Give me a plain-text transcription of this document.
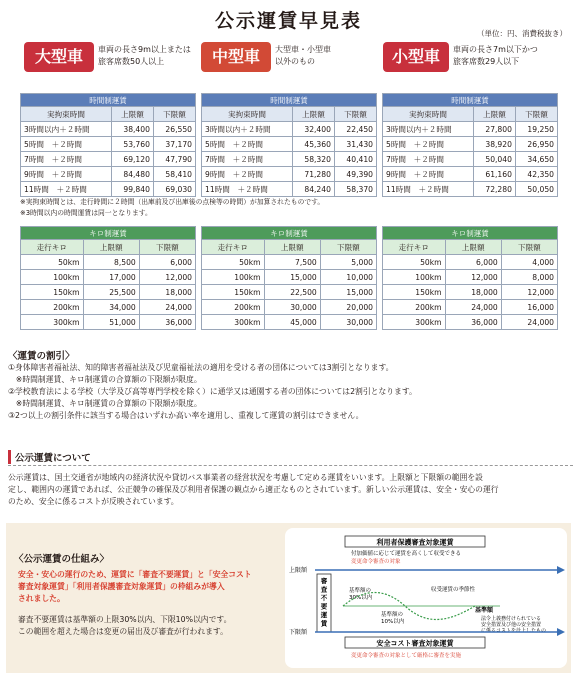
公示運賃早見表
（単位：円、消費税抜き）
大型車	車両の長さ9m以上または
旅客席数50人以上	中型車	大型車・小型車
以外のもの	小型車	車両の長さ7m以下かつ
旅客席数29人以下
時間制運賃		
実拘束時間	上限額	下限額
3時間以内＋２時間	38,400	26,550
5時間　＋２時間	53,760	37,170
7時間　＋２時間	69,120	47,790
9時間　＋２時間	84,480	58,410
11時間　＋２時間	99,840	69,030
時間制運賃		
実拘束時間	上限額	下限額
3時間以内＋２時間	32,400	22,450
5時間　＋２時間	45,360	31,430
7時間　＋２時間	58,320	40,410
9時間　＋２時間	71,280	49,390
11時間　＋２時間	84,240	58,370
時間制運賃		
実拘束時間	上限額	下限額
3時間以内＋２時間	27,800	19,250
5時間　＋２時間	38,920	26,950
7時間　＋２時間	50,040	34,650
9時間　＋２時間	61,160	42,350
11時間　＋２時間	72,280	50,050
※実拘束時間とは、走行時間に２時間（出庫前及び出庫後の点検等の時間）が加算されたものです。
※3時間以内の時間運賃は同一となります。
キロ制運賃		
走行キロ	上限額	下限額
50km	8,500	6,000
100km	17,000	12,000
150km	25,500	18,000
200km	34,000	24,000
300km	51,000	36,000
キロ制運賃		
走行キロ	上限額	下限額
50km	7,500	5,000
100km	15,000	10,000
150km	22,500	15,000
200km	30,000	20,000
300km	45,000	30,000
キロ制運賃		
走行キロ	上限額	下限額
50km	6,000	4,000
100km	12,000	8,000
150km	18,000	12,000
200km	24,000	16,000
300km	36,000	24,000
〈運賃の割引〉
①身体障害者福祉法、知的障害者福祉法及び児童福祉法の適用を受ける者の団体については3割引となります。
　※時間制運賃、キロ制運賃の合算額の下限額が限度。
②学校教育法による学校（大学及び高等専門学校を除く）に通学又は通園する者の団体については2割引となります。
　※時間制運賃、キロ制運賃の合算額の下限額が限度。
③2つ以上の割引条件に該当する場合はいずれか高い率を適用し、重複して運賃の割引はできません。
公示運賃について
公示運賃は、国土交通省が地域内の経済状況や貸切バス事業者の経営状況を考慮して定める運賃をいいます。上限額と下限額の範囲を設
定し、範囲内の運賃であれば、公正競争の確保及び利用者保護の観点から適正なものとされています。新しい公示運賃は、安全・安心の運行
のため、安全に係るコストが反映されています。
〈公示運賃の仕組み〉
安全・安心の運行のため、運賃に「審査不要運賃」と「安全コスト
審査対象運賃」「利用者保護審査対象運賃」の枠組みが導入
されました。
審査不要運賃は基準額の上限30%以内、下限10%以内です。
この範囲を超えた場合は変更の届出及び審査が行われます。
利用者保護審査対象運賃
付加価値に応じて運賃を高くして収受できる
変更命令審査の対象
上限額
審査不要運賃
基準額の
30%以内
収受運賃の季節性
基準額
法令上義務付けられている
安全措置及び他の安全措置
に係るコストを計上したもの
基準額の
10%以内
下限額
安全コスト審査対象運賃
変更命令審査の対象として厳格に審査を実施
